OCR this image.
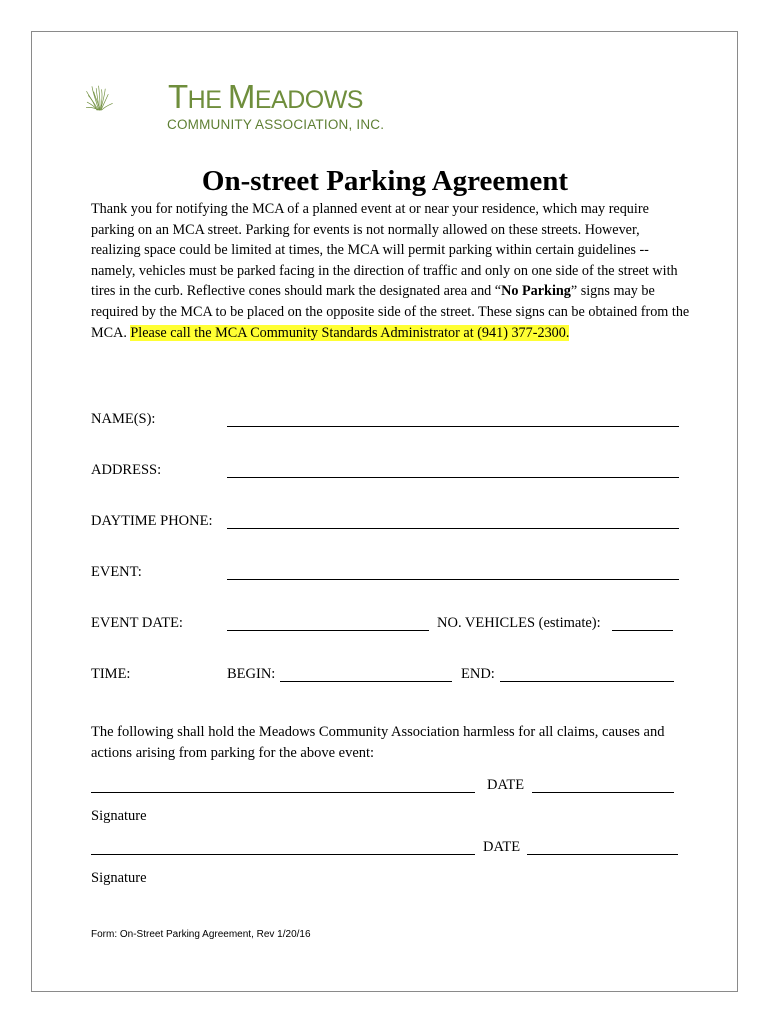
THE MEADOWS
COMMUNITY ASSOCIATION, INC.
On-street Parking Agreement
Thank you for notifying the MCA of a planned event at or near your residence, which may require parking on an MCA street. Parking for events is not normally allowed on these streets. However, realizing space could be limited at times, the MCA will permit parking within certain guidelines -- namely, vehicles must be parked facing in the direction of traffic and only on one side of the street with tires in the curb. Reflective cones should mark the designated area and “No Parking” signs may be required by the MCA to be placed on the opposite side of the street. These signs can be obtained from the MCA. Please call the MCA Community Standards Administrator at (941) 377-2300.
NAME(S):
ADDRESS:
DAYTIME PHONE:
EVENT:
EVENT DATE:	NO. VEHICLES (estimate):
TIME:	BEGIN:	END:
The following shall hold the Meadows Community Association harmless for all claims, causes and actions arising from parking for the above event:
DATE
Signature
DATE
Signature
Form: On-Street Parking Agreement, Rev 1/20/16
